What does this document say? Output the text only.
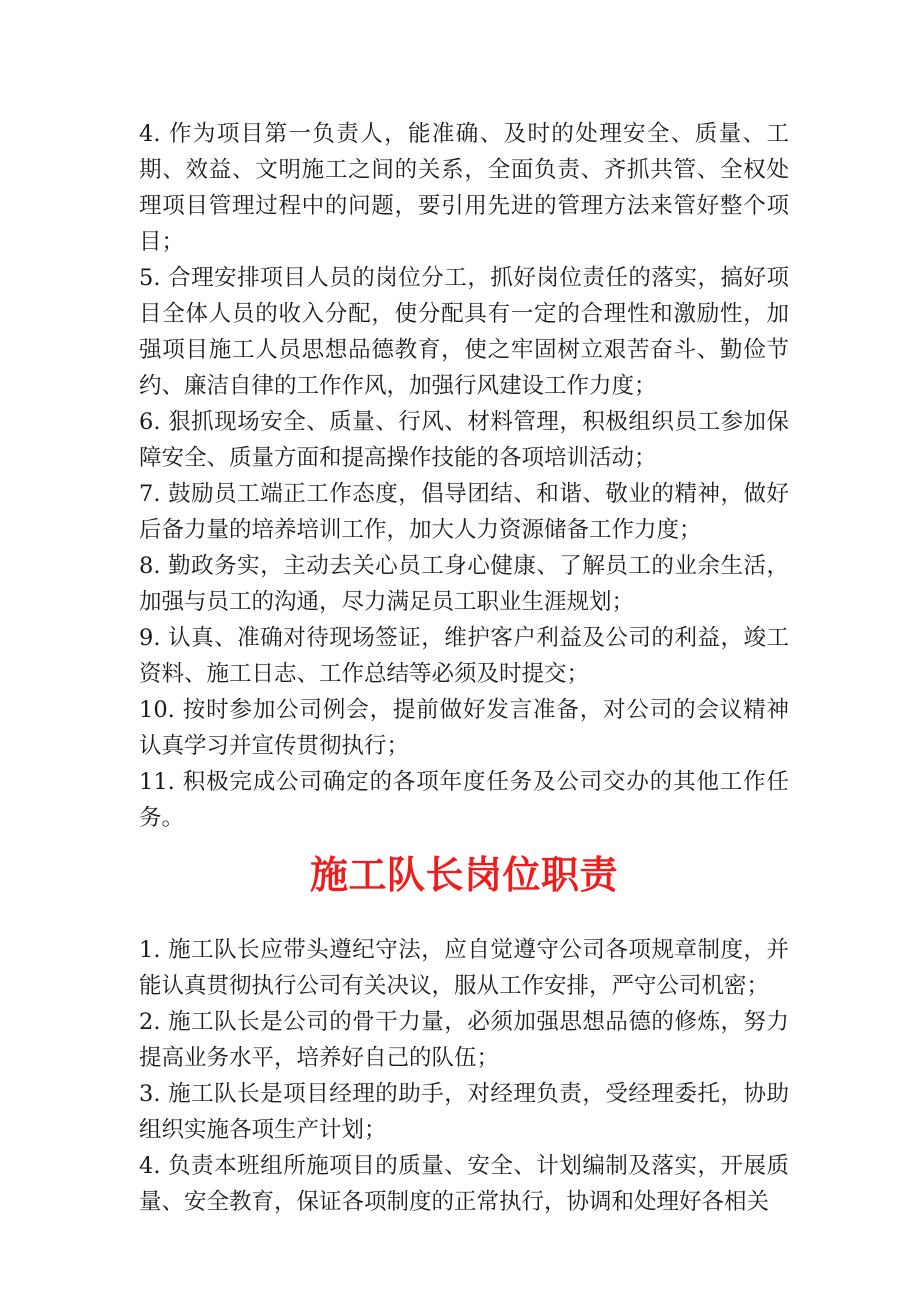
4. 作为项目第一负责人，能准确、及时的处理安全、质量、工期、效益、文明施工之间的关系，全面负责、齐抓共管、全权处理项目管理过程中的问题，要引用先进的管理方法来管好整个项目；

5. 合理安排项目人员的岗位分工，抓好岗位责任的落实，搞好项目全体人员的收入分配，使分配具有一定的合理性和激励性，加强项目施工人员思想品德教育，使之牢固树立艰苦奋斗、勤俭节约、廉洁自律的工作作风，加强行风建设工作力度；

6. 狠抓现场安全、质量、行风、材料管理，积极组织员工参加保障安全、质量方面和提高操作技能的各项培训活动；

7. 鼓励员工端正工作态度，倡导团结、和谐、敬业的精神，做好后备力量的培养培训工作，加大人力资源储备工作力度；

8. 勤政务实，主动去关心员工身心健康、了解员工的业余生活，加强与员工的沟通，尽力满足员工职业生涯规划；

9. 认真、准确对待现场签证，维护客户利益及公司的利益，竣工资料、施工日志、工作总结等必须及时提交；

10. 按时参加公司例会，提前做好发言准备，对公司的会议精神认真学习并宣传贯彻执行；

11. 积极完成公司确定的各项年度任务及公司交办的其他工作任务。

施工队长岗位职责

1. 施工队长应带头遵纪守法，应自觉遵守公司各项规章制度，并能认真贯彻执行公司有关决议，服从工作安排，严守公司机密；

2. 施工队长是公司的骨干力量，必须加强思想品德的修炼，努力提高业务水平，培养好自己的队伍；

3. 施工队长是项目经理的助手，对经理负责，受经理委托，协助组织实施各项生产计划；

4. 负责本班组所施项目的质量、安全、计划编制及落实，开展质量、安全教育，保证各项制度的正常执行，协调和处理好各相关
